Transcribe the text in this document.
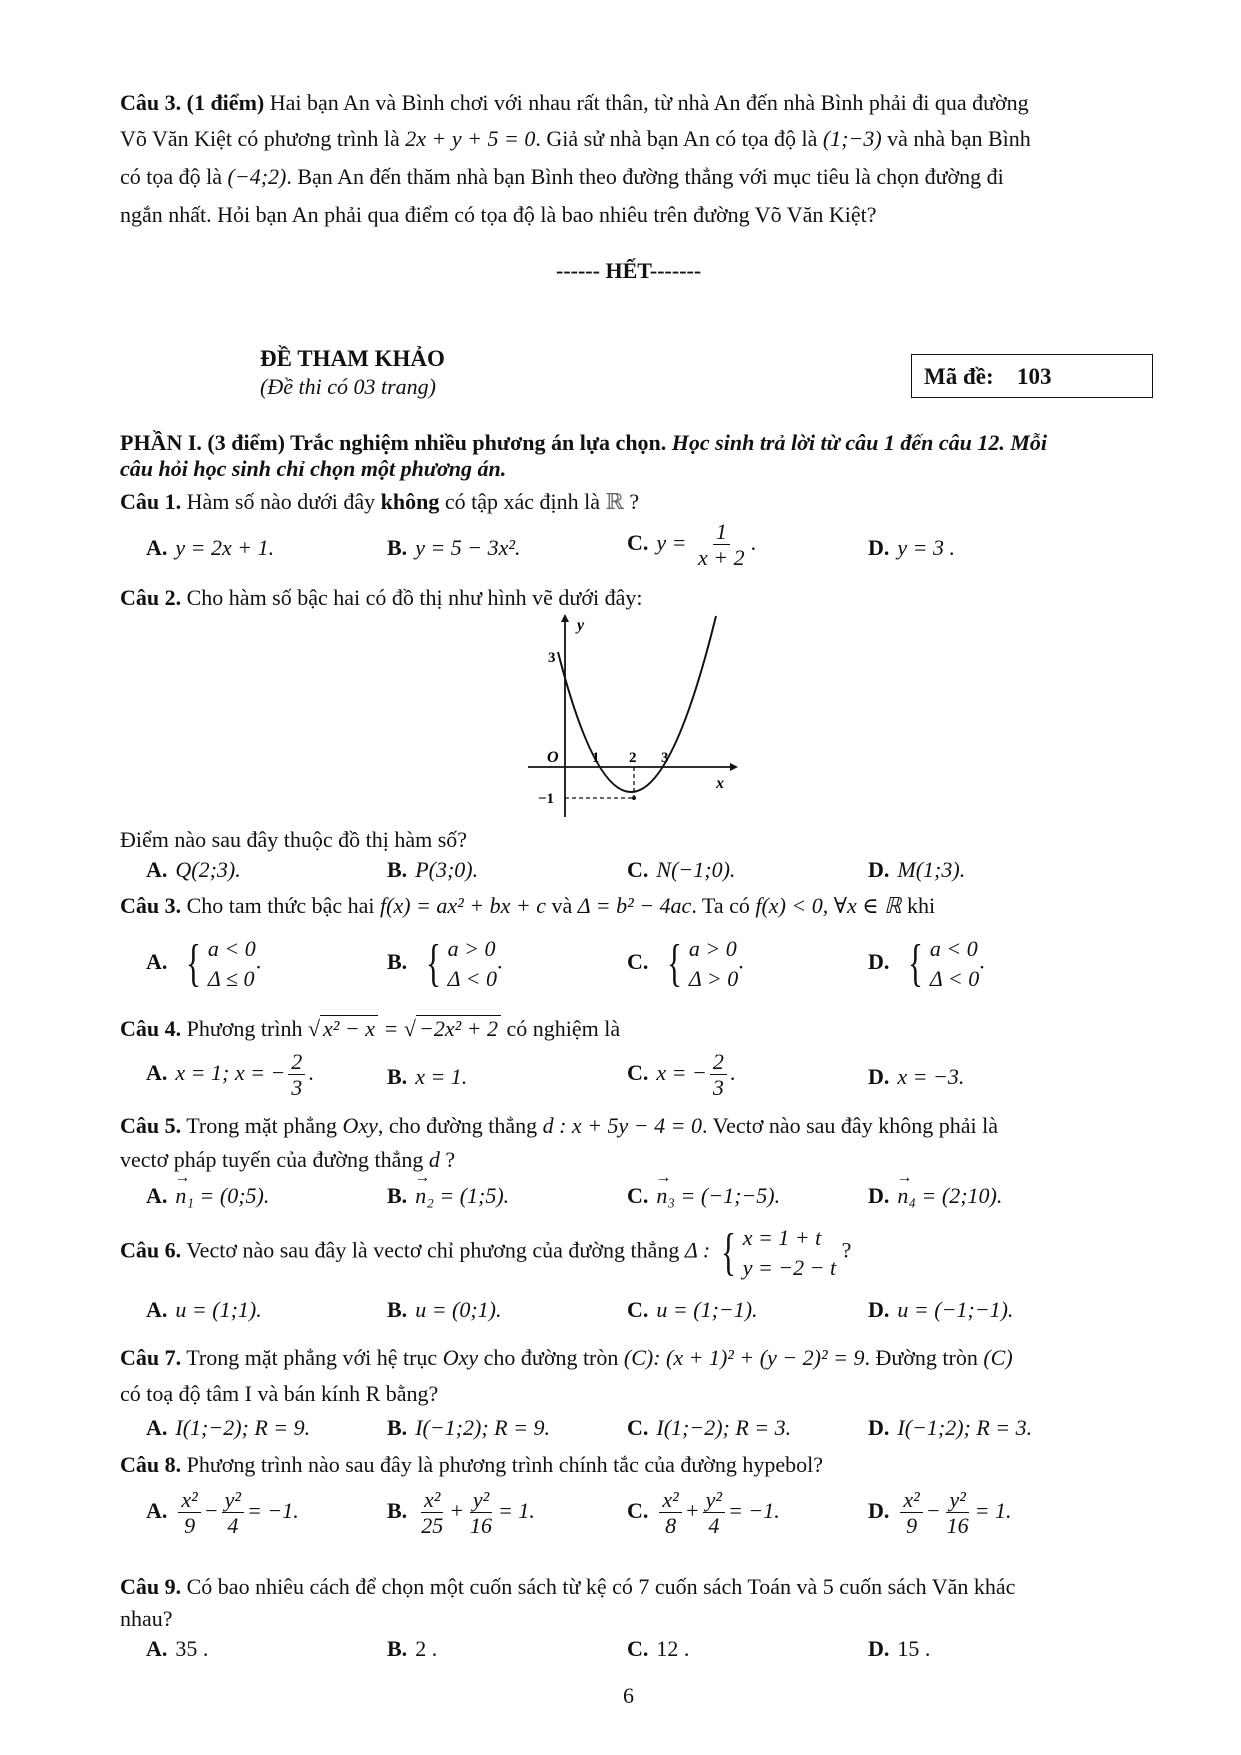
Câu 3. (1 điểm) Hai bạn An và Bình chơi với nhau rất thân, từ nhà An đến nhà Bình phải đi qua đường
Võ Văn Kiệt có phương trình là 2x + y + 5 = 0. Giả sử nhà bạn An có tọa độ là (1;−3) và nhà bạn Bình
có tọa độ là (−4;2). Bạn An đến thăm nhà bạn Bình theo đường thẳng với mục tiêu là chọn đường đi
ngắn nhất. Hỏi bạn An phải qua điểm có tọa độ là bao nhiêu trên đường Võ Văn Kiệt?
------ HẾT-------
ĐỀ THAM KHẢO
(Đề thi có 03 trang)	Mã đề: 103
PHẦN I. (3 điểm) Trắc nghiệm nhiều phương án lựa chọn. Học sinh trả lời từ câu 1 đến câu 12. Mỗi
câu hỏi học sinh chỉ chọn một phương án.
Câu 1. Hàm số nào dưới đây không có tập xác định là ℝ ?
A. y = 2x + 1.	B. y = 5 − 3x².	C. $y = \frac{1}{x + 2}$ .	D. y = 3 .
Câu 2. Cho hàm số bậc hai có đồ thị như hình vẽ dưới đây:
y
x
O 1 2 3
3
−1
Điểm nào sau đây thuộc đồ thị hàm số?
A. Q(2;3).	B. P(3;0).	C. N(−1;0).	D. M(1;3).
Câu 3. Cho tam thức bậc hai f(x) = ax² + bx + c và Δ = b² − 4ac. Ta có f(x) < 0, ∀x ∈ ℝ khi
A. { a < 0
Δ ≤ 0
.	B. { a > 0
Δ < 0
.	C. { a > 0
Δ > 0
.	D. { a < 0
Δ < 0
.
Câu 4. Phương trình √ x² − x = √ −2x² + 2 có nghiệm là
A. x = 1; x = − $\frac{2}{3}$ .	B. x = 1.	C. x = − $\frac{2}{3}$ .	D. x = −3.
Câu 5. Trong mặt phẳng Oxy, cho đường thẳng d : x + 5y − 4 = 0. Vectơ nào sau đây không phải là
vectơ pháp tuyến của đường thẳng d ?
A. → n₁ = (0;5).	B. → n₂ = (1;5).	C. → n₃ = (−1;−5).	D. → n₄ = (2;10).
Câu 6. Vectơ nào sau đây là vectơ chỉ phương của đường thẳng Δ : { x = 1 + t
y = −2 − t
?
A. u = (1;1).	B. u = (0;1).	C. u = (1;−1).	D. u = (−1;−1).
Câu 7. Trong mặt phẳng với hệ trục Oxy cho đường tròn (C): (x + 1)² + (y − 2)² = 9. Đường tròn (C)
có toạ độ tâm I và bán kính R bằng?
A. I(1;−2); R = 9.	B. I(−1;2); R = 9.	C. I(1;−2); R = 3.	D. I(−1;2); R = 3.
Câu 8. Phương trình nào sau đây là phương trình chính tắc của đường hypebol?
A. $\frac{\text{x²}}{9} - \frac{\text{y²}}{4} = -1$.	B. $\frac{\text{x²}}{25} + \frac{\text{y²}}{16} = 1$.	C. $\frac{\text{x²}}{8} + \frac{\text{y²}}{4} = -1$.	D. $\frac{\text{x²}}{9} - \frac{\text{y²}}{16} = 1$.
Câu 9. Có bao nhiêu cách để chọn một cuốn sách từ kệ có 7 cuốn sách Toán và 5 cuốn sách Văn khác
nhau?
A. 35 .	B. 2 .	C. 12 .	D. 15 .
6
